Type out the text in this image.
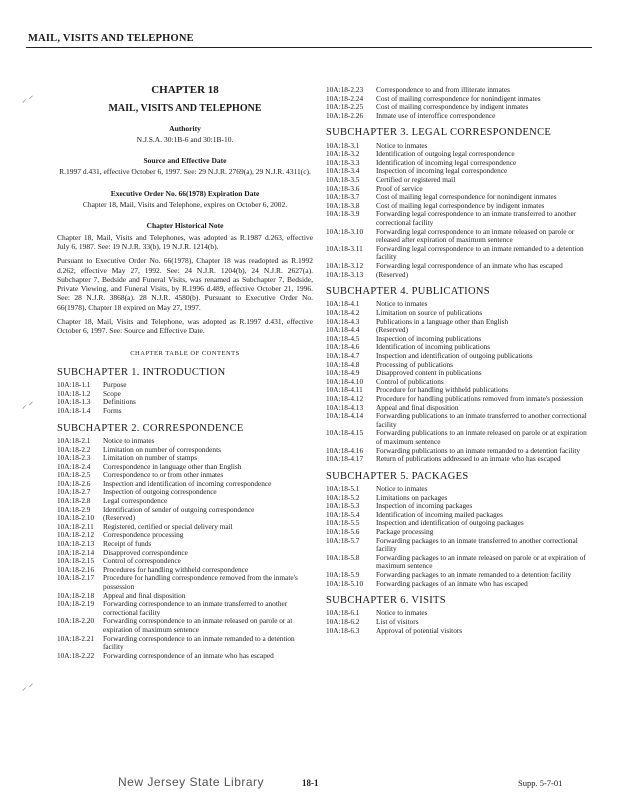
MAIL, VISITS AND TELEPHONE
⸝ ⸍
⸝ ⸍
⸝ ⸍
CHAPTER 18
MAIL, VISITS AND TELEPHONE
Authority
N.J.S.A. 30:1B-6 and 30:1B-10.
Source and Effective Date
R.1997 d.431, effective October 6, 1997. See: 29 N.J.R. 2769(a), 29 N.J.R. 4311(c).
Executive Order No. 66(1978) Expiration Date
Chapter 18, Mail, Visits and Telephone, expires on October 6, 2002.
Chapter Historical Note
Chapter 18, Mail, Visits and Telephones, was adopted as R.1987 d.263, effective July 6, 1987. See: 19 N.J.R. 33(b), 19 N.J.R. 1214(b).
Pursuant to Executive Order No. 66(1978), Chapter 18 was readopted as R.1992 d.262, effective May 27, 1992. See: 24 N.J.R. 1204(b), 24 N.J.R. 2627(a). Subchapter 7, Bedside and Funeral Visits, was renamed as Subchapter 7, Bedside, Private Viewing, and Funeral Visits, by R.1996 d.489, effective October 21, 1996. See: 28 N.J.R. 3868(a). 28 N.J.R. 4580(b). Pursuant to Executive Order No. 66(1978), Chapter 18 expired on May 27, 1997.
Chapter 18, Mail, Visits and Telephone, was adopted as R.1997 d.431, effective October 6, 1997. See: Source and Effective Date.
CHAPTER TABLE OF CONTENTS
SUBCHAPTER 1. INTRODUCTION
10A:18-1.1	Purpose
10A:18-1.2	Scope
10A:18-1.3	Definitions
10A:18-1.4	Forms
SUBCHAPTER 2. CORRESPONDENCE
10A:18-2.1	Notice to inmates
10A:18-2.2	Limitation on number of correspondents
10A:18-2.3	Limitation on number of stamps
10A:18-2.4	Correspondence in language other than English
10A:18-2.5	Correspondence to or from other inmates
10A:18-2.6	Inspection and identification of incoming correspondence
10A:18-2.7	Inspection of outgoing correspondence
10A:18-2.8	Legal correspondence
10A:18-2.9	Identification of sender of outgoing correspondence
10A:18-2.10	(Reserved)
10A:18-2.11	Registered, certified or special delivery mail
10A:18-2.12	Correspondence processing
10A:18-2.13	Receipt of funds
10A:18-2.14	Disapproved correspondence
10A:18-2.15	Control of correspondence
10A:18-2.16	Procedures for handling withheld correspondence
10A:18-2.17	Procedure for handling correspondence removed from the inmate's possession
10A:18-2.18	Appeal and final disposition
10A:18-2.19	Forwarding correspondence to an inmate transferred to another correctional facility
10A:18-2.20	Forwarding correspondence to an inmate released on parole or at expiration of maximum sentence
10A:18-2.21	Forwarding correspondence to an inmate remanded to a detention facility
10A:18-2.22	Forwarding correspondence of an inmate who has escaped
10A:18-2.23	Correspondence to and from illiterate inmates
10A:18-2.24	Cost of mailing correspondence for nonindigent inmates
10A:18-2.25	Cost of mailing correspondence by indigent inmates
10A:18-2.26	Inmate use of interoffice correspondence
SUBCHAPTER 3. LEGAL CORRESPONDENCE
10A:18-3.1	Notice to inmates
10A:18-3.2	Identification of outgoing legal correspondence
10A:18-3.3	Identification of incoming legal correspondence
10A:18-3.4	Inspection of incoming legal correspondence
10A:18-3.5	Certified or registered mail
10A:18-3.6	Proof of service
10A:18-3.7	Cost of mailing legal correspondence for nonindigent inmates
10A:18-3.8	Cost of mailing legal correspondence by indigent inmates
10A:18-3.9	Forwarding legal correspondence to an inmate transferred to another correctional facility
10A:18-3.10	Forwarding legal correspondence to an inmate released on parole or released after expiration of maximum sentence
10A:18-3.11	Forwarding legal correspondence to an inmate remanded to a detention facility
10A:18-3.12	Forwarding legal correspondence of an inmate who has escaped
10A:18-3.13	(Reserved)
SUBCHAPTER 4. PUBLICATIONS
10A:18-4.1	Notice to inmates
10A:18-4.2	Limitation on source of publications
10A:18-4.3	Publications in a language other than English
10A:18-4.4	(Reserved)
10A:18-4.5	Inspection of incoming publications
10A:18-4.6	Identification of incoming publications
10A:18-4.7	Inspection and identification of outgoing publications
10A:18-4.8	Processing of publications
10A:18-4.9	Disapproved content in publications
10A:18-4.10	Control of publications
10A:18-4.11	Procedure for handling withheld publications
10A:18-4.12	Procedure for handling publications removed from inmate's possession
10A:18-4.13	Appeal and final disposition
10A:18-4.14	Forwarding publications to an inmate transferred to another correctional facility
10A:18-4.15	Forwarding publications to an inmate released on parole or at expiration of maximum sentence
10A:18-4.16	Forwarding publications to an inmate remanded to a detention facility
10A:18-4.17	Return of publications addressed to an inmate who has escaped
SUBCHAPTER 5. PACKAGES
10A:18-5.1	Notice to inmates
10A:18-5.2	Limitations on packages
10A:18-5.3	Inspection of incoming packages
10A:18-5.4	Identification of incoming mailed packages
10A:18-5.5	Inspection and identification of outgoing packages
10A:18-5.6	Package processing
10A:18-5.7	Forwarding packages to an inmate transferred to another correctional facility
10A:18-5.8	Forwarding packages to an inmate released on parole or at expiration of maximum sentence
10A:18-5.9	Forwarding packages to an inmate remanded to a detention facility
10A:18-5.10	Forwarding packages of an inmate who has escaped
SUBCHAPTER 6. VISITS
10A:18-6.1	Notice to inmates
10A:18-6.2	List of visitors
10A:18-6.3	Approval of potential visitors
New Jersey State Library	18-1	Supp. 5-7-01
